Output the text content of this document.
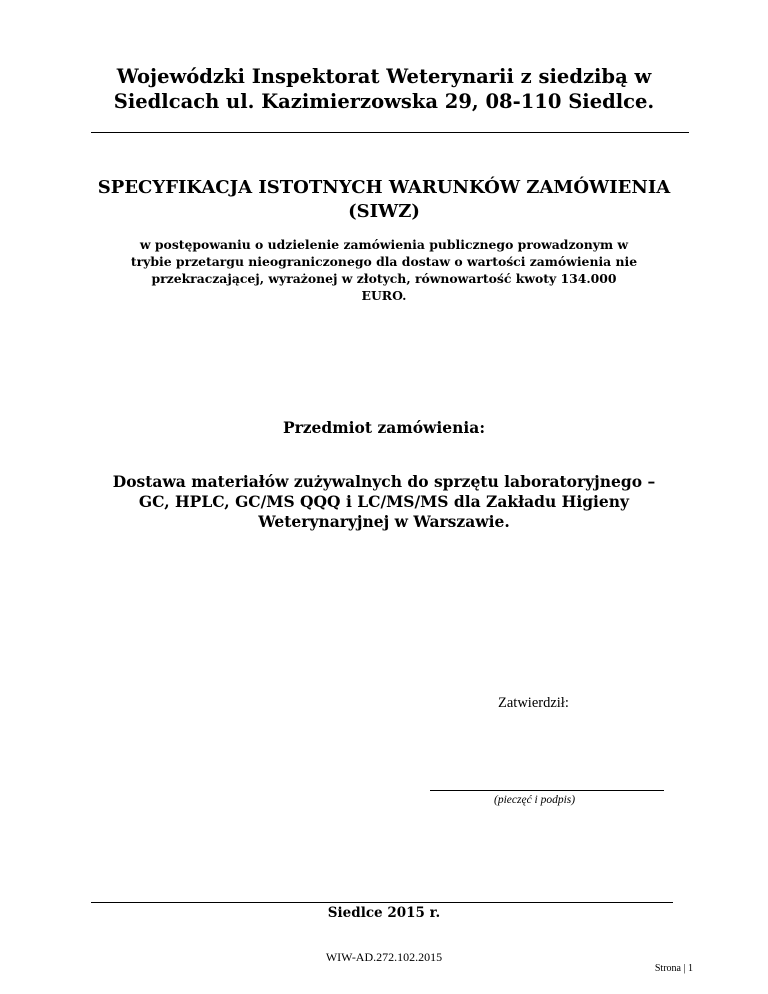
Wojewódzki Inspektorat Weterynarii z siedzibą w
Siedlcach ul. Kazimierzowska 29, 08-110 Siedlce.
SPECYFIKACJA ISTOTNYCH WARUNKÓW ZAMÓWIENIA
(SIWZ)
w postępowaniu o udzielenie zamówienia publicznego prowadzonym w
trybie przetargu nieograniczonego dla dostaw o wartości zamówienia nie
przekraczającej, wyrażonej w złotych, równowartość kwoty 134.000
EURO.
Przedmiot zamówienia:
Dostawa materiałów zużywalnych do sprzętu laboratoryjnego –
GC, HPLC, GC/MS QQQ i LC/MS/MS dla Zakładu Higieny
Weterynaryjnej w Warszawie.
Zatwierdził:
(pieczęć i podpis)
Siedlce 2015 r.
WIW-AD.272.102.2015
Strona | 1
